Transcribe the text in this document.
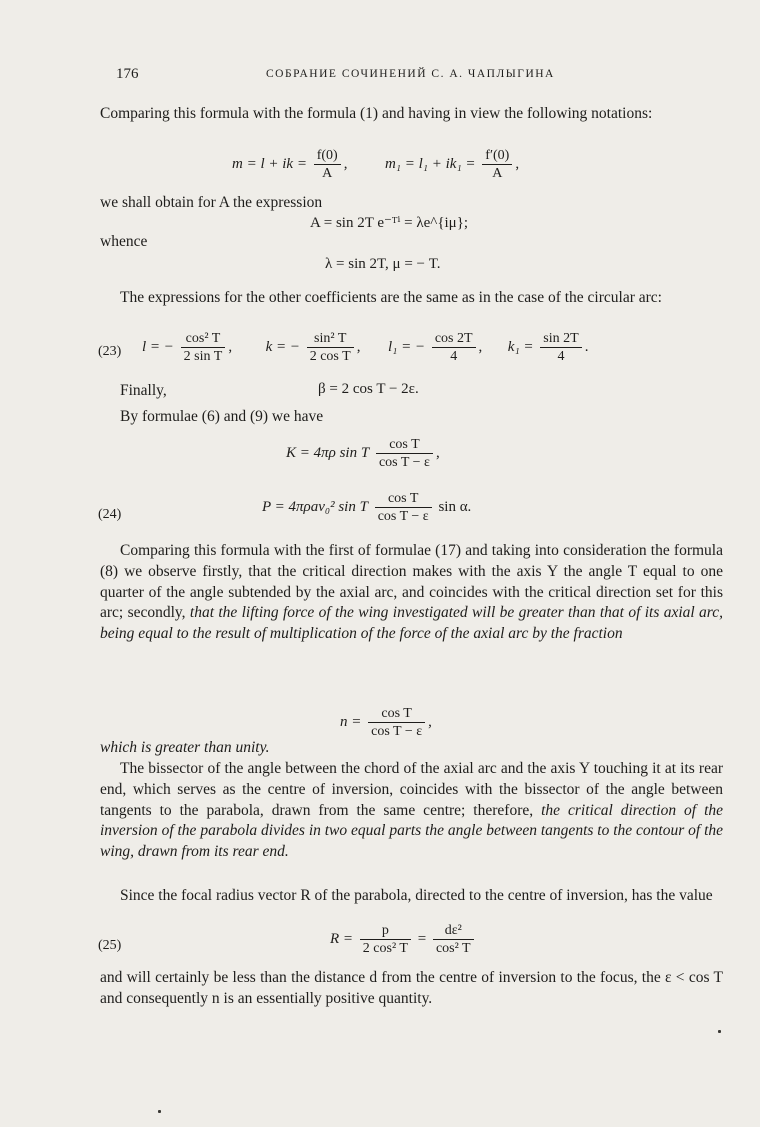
176	СОБРАНИЕ СОЧИНЕНИЙ С. А. ЧАПЛЫГИНА
Comparing this formula with the formula (1) and having in view the following notations:
m = l + ik = $\frac{f(0)}{A}$ ,  $m_1 = l_1 + ik_1 = \frac{f'(0)}{A}$ ,
we shall obtain for A the expression
A = sin 2T e⁻ᵀⁱ = λe^{iμ};
whence
λ = sin 2T, μ = − T.
The expressions for the other coefficients are the same as in the case of the circular arc:
(23) l = − $\frac{\text{cos² T}}{\text{2 sin T}}$ ,  k = − $\frac{\text{sin² T}}{\text{2 cos T}}$ ,  l₁ = − $\frac{\cos 2T}{4}$ ,  $k_1 = \frac{\sin 2T}{4}$ .
Finally,	β = 2 cos T − 2ε.
By formulae (6) and (9) we have
K = 4πρ sin T $\frac{\text{cos T}}{\text{cos T − ε}}$ ,
(24)	P = 4πρav₀² sin T $\frac{\text{cos T}}{\text{cos T − ε}}$ sin α.
Comparing this formula with the first of formulae (17) and taking into consideration the formula (8) we observe firstly, that the critical direction makes with the axis Y the angle T equal to one quarter of the angle subtended by the axial arc, and coincides with the critical direction set for this arc; secondly, that the lifting force of the wing investigated will be greater than that of its axial arc, being equal to the result of multiplication of the force of the axial arc by the fraction
$n = \frac{\text{cos T}}{\text{cos T − ε}}$ ,
which is greater than unity.
The bissector of the angle between the chord of the axial arc and the axis Y touching it at its rear end, which serves as the centre of inversion, coincides with the bissector of the angle between tangents to the parabola, drawn from the same centre; therefore, the critical direction of the inversion of the parabola divides in two equal parts the angle between tangents to the contour of the wing, drawn from its rear end.
Since the focal radius vector R of the parabola, directed to the centre of inversion, has the value
(25)	$R = \frac{p}{\text{2 cos² T}} = \frac{\text{dε²}}{\text{cos² T}}$
and will certainly be less than the distance d from the centre of inversion to the focus, the ε < cos T and consequently n is an essentially positive quantity.
